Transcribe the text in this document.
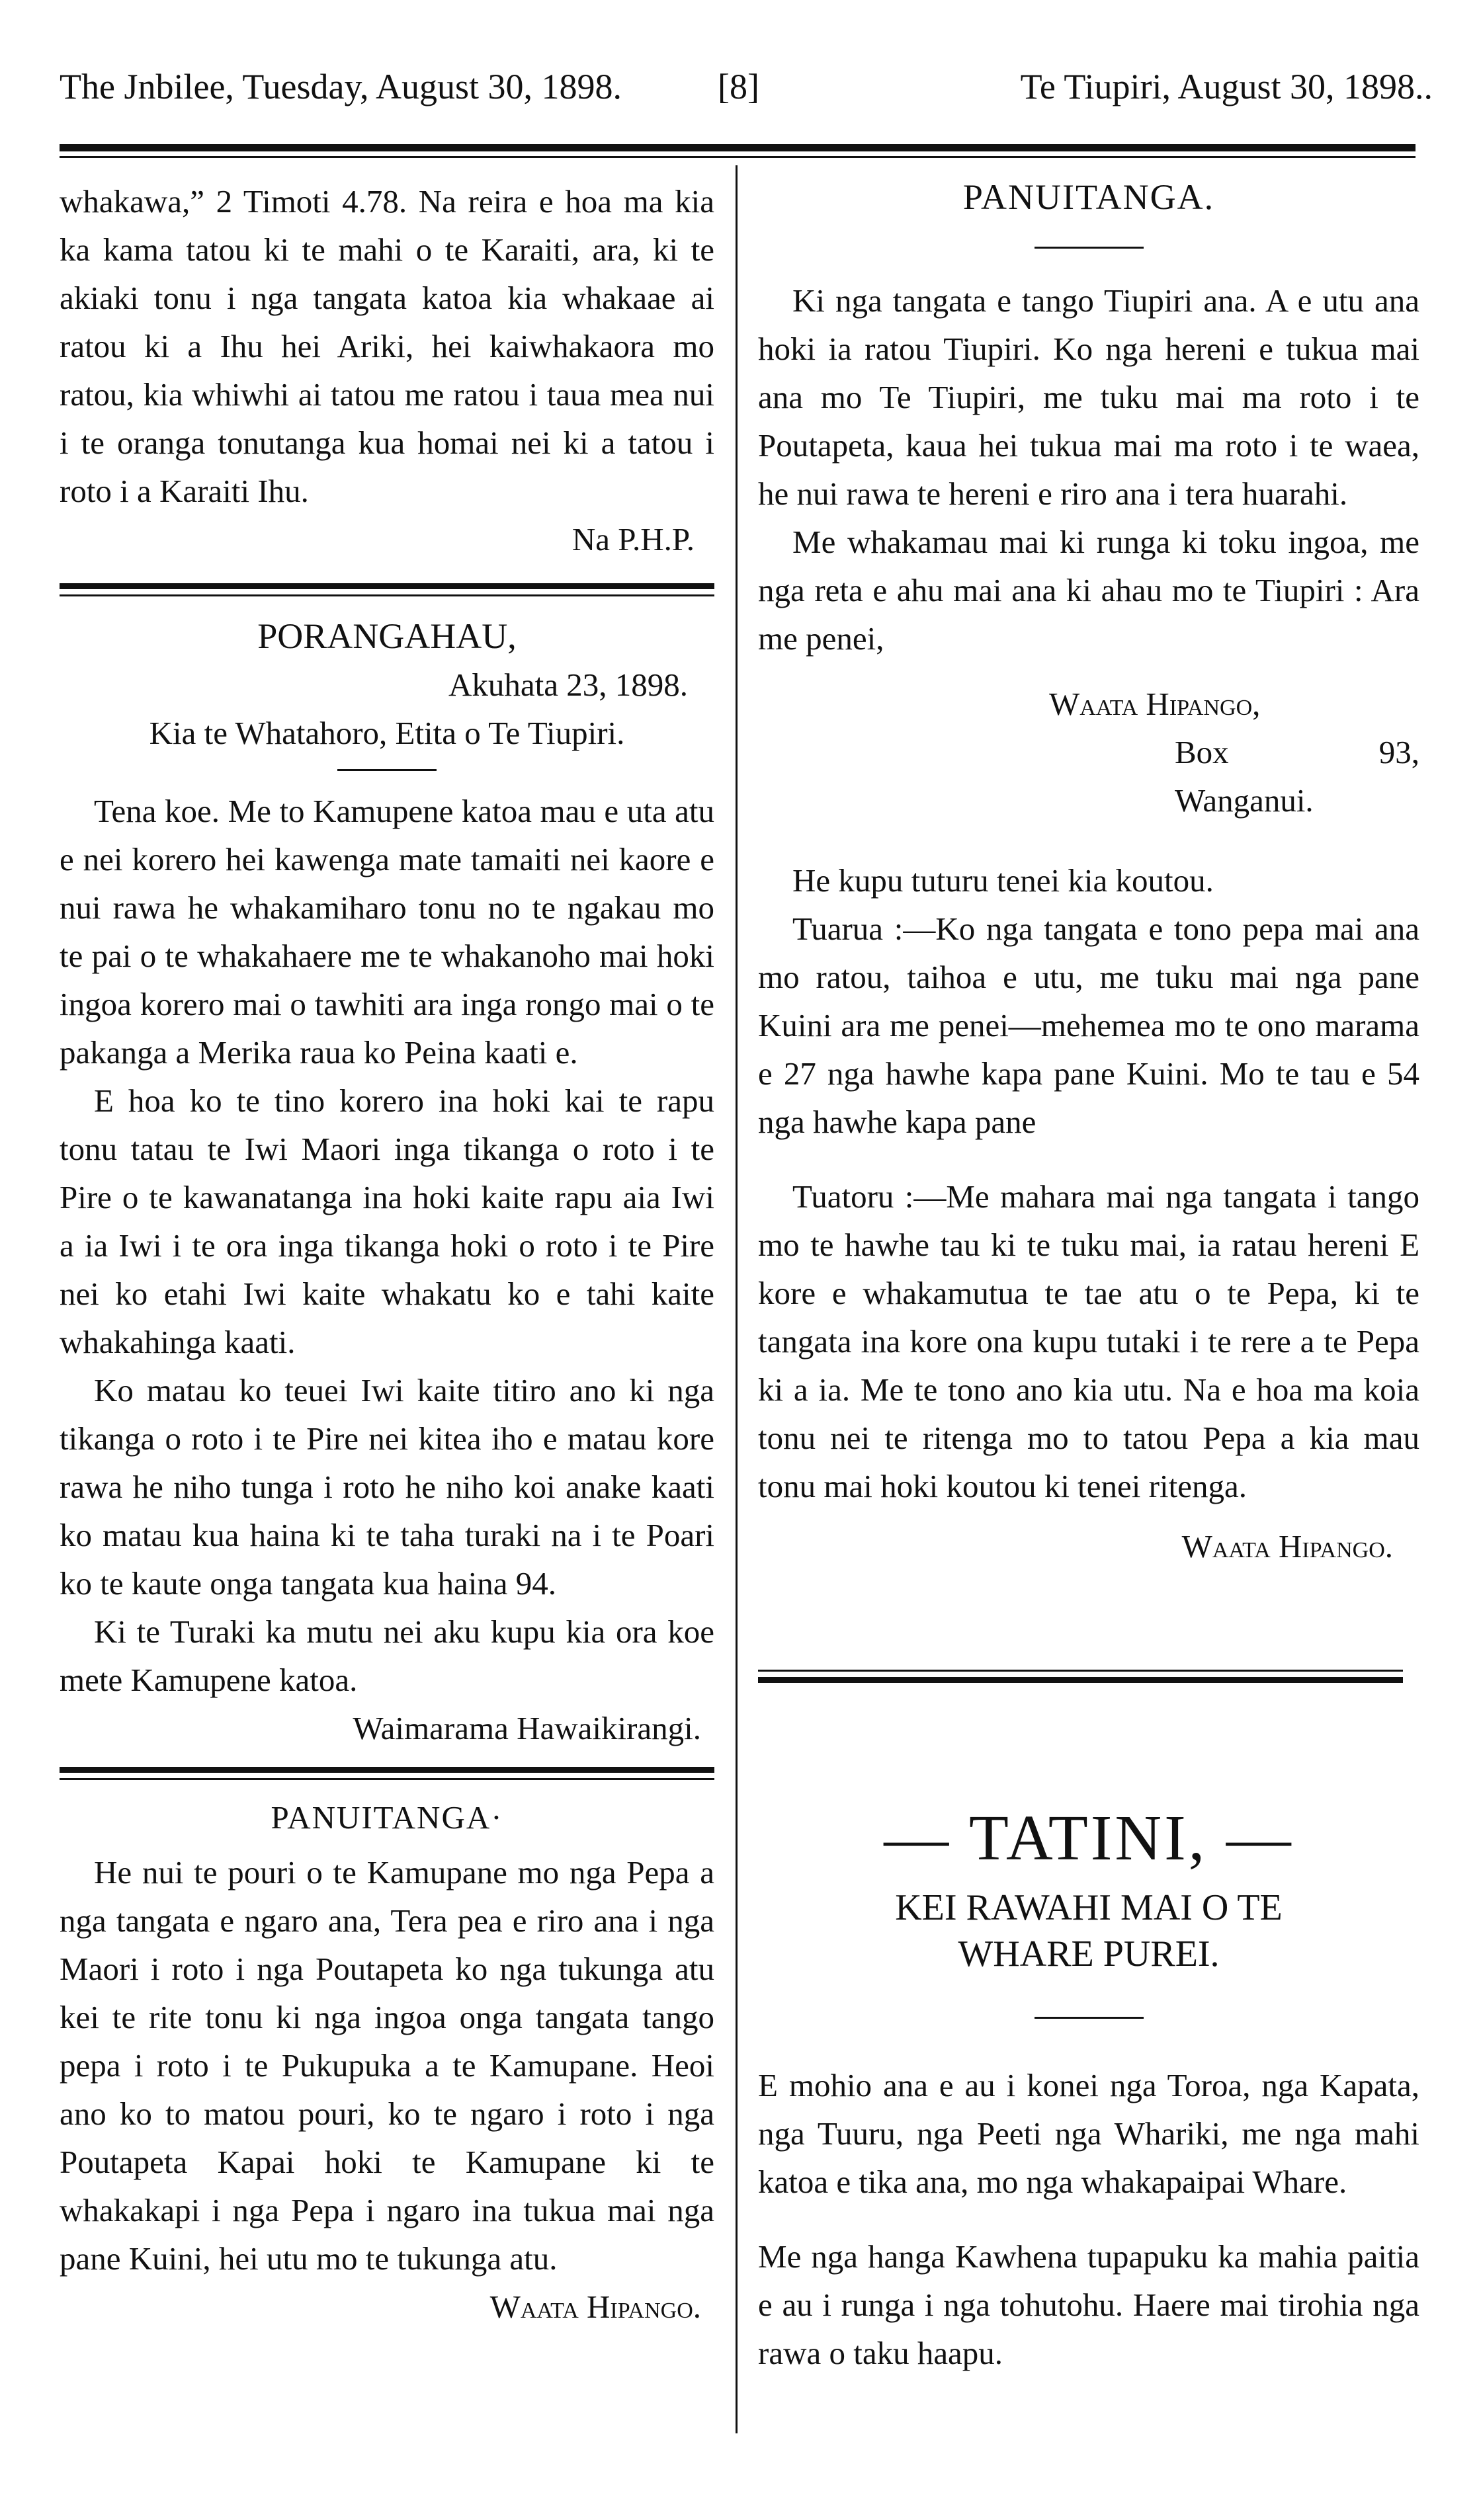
The Jnbilee, Tuesday, August 30, 1898.	[8]	Te Tiupiri, August 30, 1898..

whakawa,” 2 Timoti 4.78. Na reira e hoa ma kia ka kama tatou ki te mahi o te Karaiti, ara, ki te akiaki tonu i nga tangata katoa kia whakaae ai ratou ki a Ihu hei Ariki, hei kaiwhakaora mo ratou, kia whiwhi ai tatou me ratou i taua mea nui i te oranga tonutanga kua homai nei ki a tatou i roto i a Karaiti Ihu.

Na P.H.P.

PORANGAHAU,

Akuhata 23, 1898.

Kia te Whatahoro, Etita o Te Tiupiri.

Tena koe. Me to Kamupene katoa mau e uta atu e nei korero hei kawenga mate tamaiti nei kaore e nui rawa he whakamiharo tonu no te ngakau mo te pai o te whakahaere me te whakanoho mai hoki ingoa korero mai o tawhiti ara inga rongo mai o te pakanga a Merika raua ko Peina kaati e.

E hoa ko te tino korero ina hoki kai te rapu tonu tatau te Iwi Maori inga tikanga o roto i te Pire o te kawanatanga ina hoki kaite rapu aia Iwi a ia Iwi i te ora inga tikanga hoki o roto i te Pire nei ko etahi Iwi kaite whakatu ko e tahi kaite whakahinga kaati.

Ko matau ko teuei Iwi kaite titiro ano ki nga tikanga o roto i te Pire nei kitea iho e matau kore rawa he niho tunga i roto he niho koi anake kaati ko matau kua haina ki te taha turaki na i te Poari ko te kaute onga tangata kua haina 94.

Ki te Turaki ka mutu nei aku kupu kia ora koe mete Kamupene katoa.

Waimarama Hawaikirangi.

PANUITANGA·

He nui te pouri o te Kamupane mo nga Pepa a nga tangata e ngaro ana, Tera pea e riro ana i nga Maori i roto i nga Poutapeta ko nga tukunga atu kei te rite tonu ki nga ingoa onga tangata tango pepa i roto i te Pukupuka a te Kamupane. Heoi ano ko to matou pouri, ko te ngaro i roto i nga Poutapeta Kapai hoki te Kamupane ki te whakakapi i nga Pepa i ngaro ina tukua mai nga pane Kuini, hei utu mo te tukunga atu.

Waata Hipango.

PANUITANGA.

Ki nga tangata e tango Tiupiri ana. A e utu ana hoki ia ratou Tiupiri. Ko nga hereni e tukua mai ana mo Te Tiupiri, me tuku mai ma roto i te Poutapeta, kaua hei tukua mai ma roto i te waea, he nui rawa te hereni e riro ana i tera huarahi.

Me whakamau mai ki runga ki toku ingoa, me nga reta e ahu mai ana ki ahau mo te Tiupiri : Ara me penei,

Waata Hipango,

Box 93, Wanganui.

He kupu tuturu tenei kia koutou.

Tuarua :—Ko nga tangata e tono pepa mai ana mo ratou, taihoa e utu, me tuku mai nga pane Kuini ara me penei—mehemea mo te ono marama e 27 nga hawhe kapa pane Kuini. Mo te tau e 54 nga hawhe kapa pane

Tuatoru :—Me mahara mai nga tangata i tango mo te hawhe tau ki te tuku mai, ia ratau hereni E kore e whakamutua te tae atu o te Pepa, ki te tangata ina kore ona kupu tutaki i te rere a te Pepa ki a ia. Me te tono ano kia utu. Na e hoa ma koia tonu nei te ritenga mo to tatou Pepa a kia mau tonu mai hoki koutou ki tenei ritenga.

Waata Hipango.

— TATINI, —

KEI RAWAHI MAI O TE WHARE PUREI.

E mohio ana e au i konei nga Toroa, nga Kapata, nga Tuuru, nga Peeti nga Whariki, me nga mahi katoa e tika ana, mo nga whakapaipai Whare.

Me nga hanga Kawhena tupapuku ka mahia paitia e au i runga i nga tohutohu. Haere mai tirohia nga rawa o taku haapu.
